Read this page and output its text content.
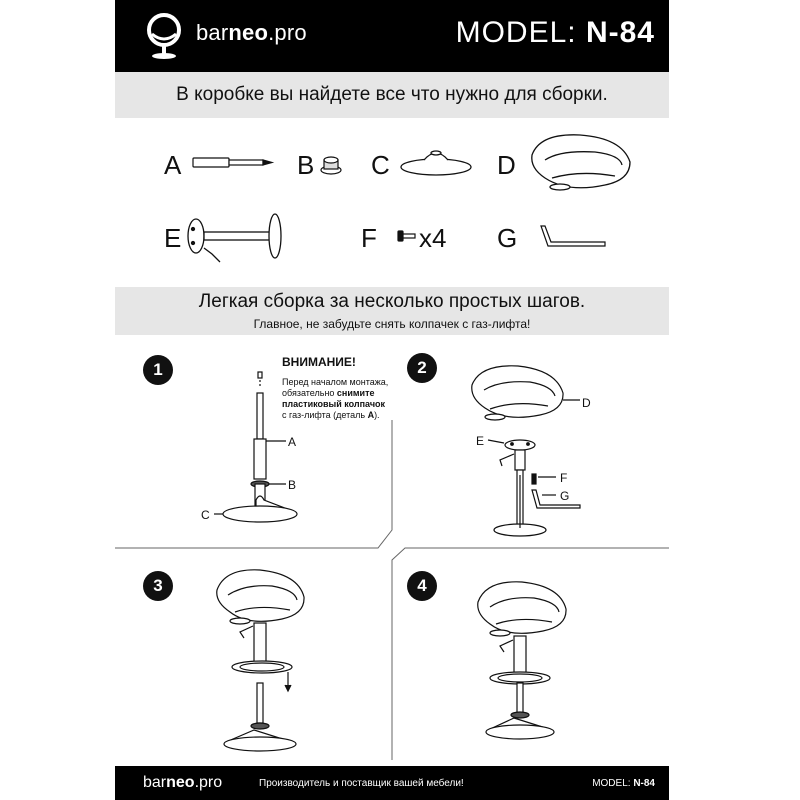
barneo.pro	MODEL: N-84
В коробке вы найдете все что нужно для сборки.
A	B C	D
E	F x4 G
Легкая сборка за несколько простых шагов.
Главное, не забудьте снять колпачек с газ-лифта!
1	2
3	4
ВНИМАНИЕ!
Перед началом монтажа,
обязательно снимите
пластиковый колпачок
с газ-лифта (деталь A).
A
B
C
D
E
F
G
barneo.pro	Производитель и поставщик вашей мебели!	MODEL: N-84
